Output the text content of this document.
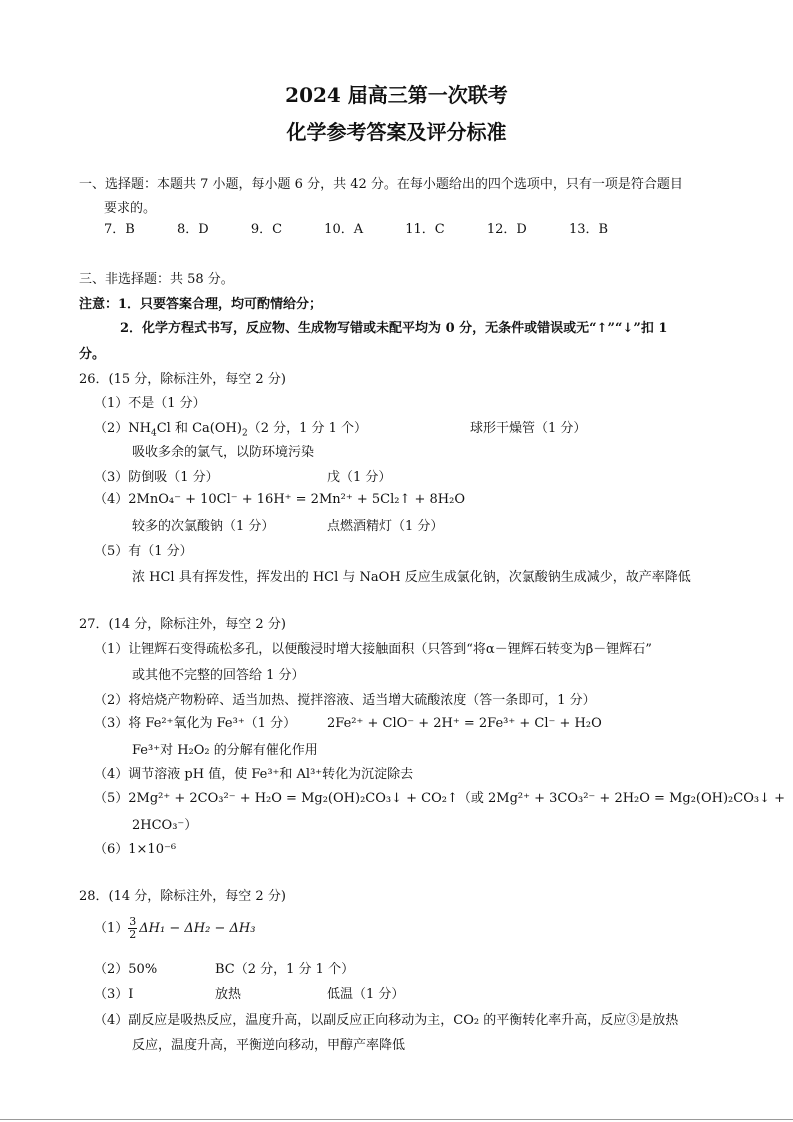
2024 届高三第一次联考
化学参考答案及评分标准
一、选择题：本题共 7 小题，每小题 6 分，共 42 分。在每小题给出的四个选项中，只有一项是符合题目
要求的。
7．B	8．D	9．C	10．A	11．C	12．D	13．B
三、非选择题：共 58 分。
注意：1．只要答案合理，均可酌情给分；
2．化学方程式书写，反应物、生成物写错或未配平均为 0 分，无条件或错误或无“↑”“↓”扣 1
分。
26．(15 分，除标注外，每空 2 分)
（1）不是（1 分）
$(2)NH_4Cl$ 和 $Ca(OH)_2(2$ 分，1 分 1 个）	球形干燥管（1 分）
吸收多余的氯气，以防环境污染
（3）防倒吸（1 分）	戊（1 分）
（4）2MnO₄⁻ + 10Cl⁻ + 16H⁺ = 2Mn²⁺ + 5Cl₂↑ + 8H₂O
较多的次氯酸钠（1 分）	点燃酒精灯（1 分）
（5）有（1 分）
浓 HCl 具有挥发性，挥发出的 HCl 与 NaOH 反应生成氯化钠，次氯酸钠生成减少，故产率降低
27．(14 分，除标注外，每空 2 分)
（1）让锂辉石变得疏松多孔，以便酸浸时增大接触面积（只答到“将α－锂辉石转变为β－锂辉石”
或其他不完整的回答给 1 分）
（2）将焙烧产物粉碎、适当加热、搅拌溶液、适当增大硫酸浓度（答一条即可，1 分）
（3）将 Fe²⁺氧化为 Fe³⁺（1 分） 2Fe²⁺ + ClO⁻ + 2H⁺ = 2Fe³⁺ + Cl⁻ + H₂O
Fe³⁺对 H₂O₂ 的分解有催化作用
（4）调节溶液 pH 值，使 Fe³⁺和 Al³⁺转化为沉淀除去
（5）2Mg²⁺ + 2CO₃²⁻ + H₂O = Mg₂(OH)₂CO₃↓ + CO₂↑（或 2Mg²⁺ + 3CO₃²⁻ + 2H₂O = Mg₂(OH)₂CO₃↓ +
2HCO₃⁻）
（6）1×10⁻⁶
28．(14 分，除标注外，每空 2 分)
$(1) \frac{3}{2} \Delta H_1 - \Delta H_2 - \Delta H_3$
（2）50%	BC（2 分，1 分 1 个）
（3）Ⅰ	放热	低温（1 分）
（4）副反应是吸热反应，温度升高，以副反应正向移动为主，CO₂ 的平衡转化率升高，反应③是放热
反应，温度升高，平衡逆向移动，甲醇产率降低
